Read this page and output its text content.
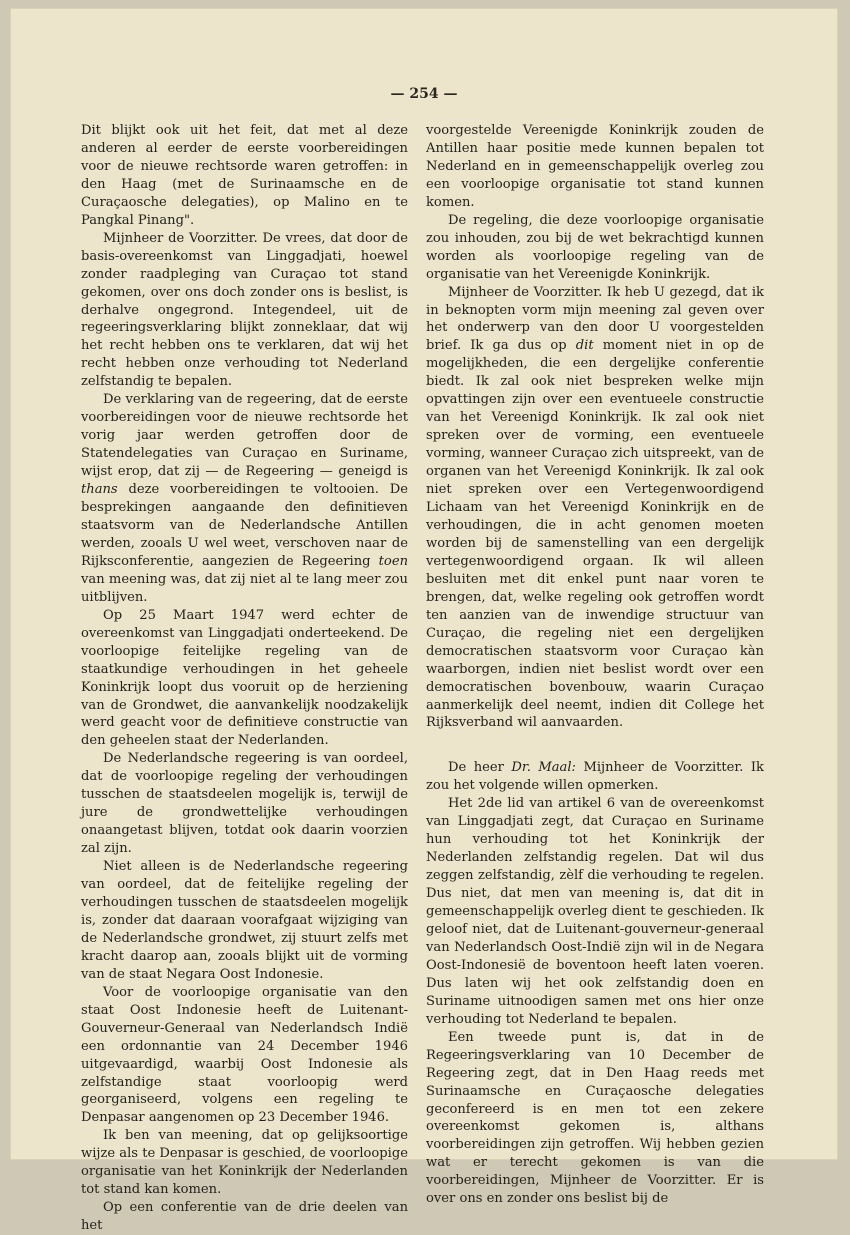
— 254 —

Dit blijkt ook uit het feit, dat met al deze anderen al eerder de eerste voorbereidingen voor de nieuwe rechtsorde waren getroffen: in den Haag (met de Surinaamsche en de Curaçaosche delegaties), op Malino en te Pangkal Pinang".

Mijnheer de Voorzitter. De vrees, dat door de basis-overeenkomst van Linggadjati, hoewel zonder raadpleging van Curaçao tot stand gekomen, over ons doch zonder ons is beslist, is derhalve ongegrond. Integendeel, uit de regeeringsverklaring blijkt zonneklaar, dat wij het recht hebben ons te verklaren, dat wij het recht hebben onze verhouding tot Nederland zelfstandig te bepalen.

De verklaring van de regeering, dat de eerste voorbereidingen voor de nieuwe rechtsorde het vorig jaar werden getroffen door de Statendelegaties van Curaçao en Suriname, wijst erop, dat zij — de Regeering — geneigd is thans deze voorbereidingen te voltooien. De besprekingen aangaande den definitieven staatsvorm van de Nederlandsche Antillen werden, zooals U wel weet, verschoven naar de Rijksconferentie, aangezien de Regeering toen van meening was, dat zij niet al te lang meer zou uitblijven.

Op 25 Maart 1947 werd echter de overeenkomst van Linggadjati onderteekend. De voorloopige feitelijke regeling van de staatkundige verhoudingen in het geheele Koninkrijk loopt dus vooruit op de herziening van de Grondwet, die aanvankelijk noodzakelijk werd geacht voor de definitieve constructie van den geheelen staat der Nederlanden.

De Nederlandsche regeering is van oordeel, dat de voorloopige regeling der verhoudingen tusschen de staatsdeelen mogelijk is, terwijl de jure de grondwettelijke verhoudingen onaangetast blijven, totdat ook daarin voorzien zal zijn.

Niet alleen is de Nederlandsche regeering van oordeel, dat de feitelijke regeling der verhoudingen tusschen de staatsdeelen mogelijk is, zonder dat daaraan voorafgaat wijziging van de Nederlandsche grondwet, zij stuurt zelfs met kracht daarop aan, zooals blijkt uit de vorming van de staat Negara Oost Indonesie.

Voor de voorloopige organisatie van den staat Oost Indonesie heeft de Luitenant-Gouverneur-Generaal van Nederlandsch Indië een ordonnantie van 24 December 1946 uitgevaardigd, waarbij Oost Indonesie als zelfstandige staat voorloopig werd georganiseerd, volgens een regeling te Denpasar aangenomen op 23 December 1946.

Ik ben van meening, dat op gelijksoortige wijze als te Denpasar is geschied, de voorloopige organisatie van het Koninkrijk der Nederlanden tot stand kan komen.

Op een conferentie van de drie deelen van het

voorgestelde Vereenigde Koninkrijk zouden de Antillen haar positie mede kunnen bepalen tot Nederland en in gemeenschappelijk overleg zou een voorloopige organisatie tot stand kunnen komen.

De regeling, die deze voorloopige organisatie zou inhouden, zou bij de wet bekrachtigd kunnen worden als voorloopige regeling van de organisatie van het Vereenigde Koninkrijk.

Mijnheer de Voorzitter. Ik heb U gezegd, dat ik in beknopten vorm mijn meening zal geven over het onderwerp van den door U voorgestelden brief. Ik ga dus op dit moment niet in op de mogelijkheden, die een dergelijke conferentie biedt. Ik zal ook niet bespreken welke mijn opvattingen zijn over een eventueele constructie van het Vereenigd Koninkrijk. Ik zal ook niet spreken over de vorming, een eventueele vorming, wanneer Curaçao zich uitspreekt, van de organen van het Vereenigd Koninkrijk. Ik zal ook niet spreken over een Vertegenwoordigend Lichaam van het Vereenigd Koninkrijk en de verhoudingen, die in acht genomen moeten worden bij de samenstelling van een dergelijk vertegenwoordigend orgaan. Ik wil alleen besluiten met dit enkel punt naar voren te brengen, dat, welke regeling ook getroffen wordt ten aanzien van de inwendige structuur van Curaçao, die regeling niet een dergelijken democratischen staatsvorm voor Curaçao kàn waarborgen, indien niet beslist wordt over een democratischen bovenbouw, waarin Curaçao aanmerkelijk deel neemt, indien dit College het Rijksverband wil aanvaarden.

De heer Dr. Maal: Mijnheer de Voorzitter. Ik zou het volgende willen opmerken.

Het 2de lid van artikel 6 van de overeenkomst van Linggadjati zegt, dat Curaçao en Suriname hun verhouding tot het Koninkrijk der Nederlanden zelfstandig regelen. Dat wil dus zeggen zelfstandig, zèlf die verhouding te regelen. Dus niet, dat men van meening is, dat dit in gemeenschappelijk overleg dient te geschieden. Ik geloof niet, dat de Luitenant-gouverneur-generaal van Nederlandsch Oost-Indië zijn wil in de Negara Oost-Indonesië de boventoon heeft laten voeren. Dus laten wij het ook zelfstandig doen en Suriname uitnoodigen samen met ons hier onze verhouding tot Nederland te bepalen.

Een tweede punt is, dat in de Regeeringsverklaring van 10 December de Regeering zegt, dat in Den Haag reeds met Surinaamsche en Curaçaosche delegaties geconfereerd is en men tot een zekere overeenkomst gekomen is, althans voorbereidingen zijn getroffen. Wij hebben gezien wat er terecht gekomen is van die voorbereidingen, Mijnheer de Voorzitter. Er is over ons en zonder ons beslist bij de
